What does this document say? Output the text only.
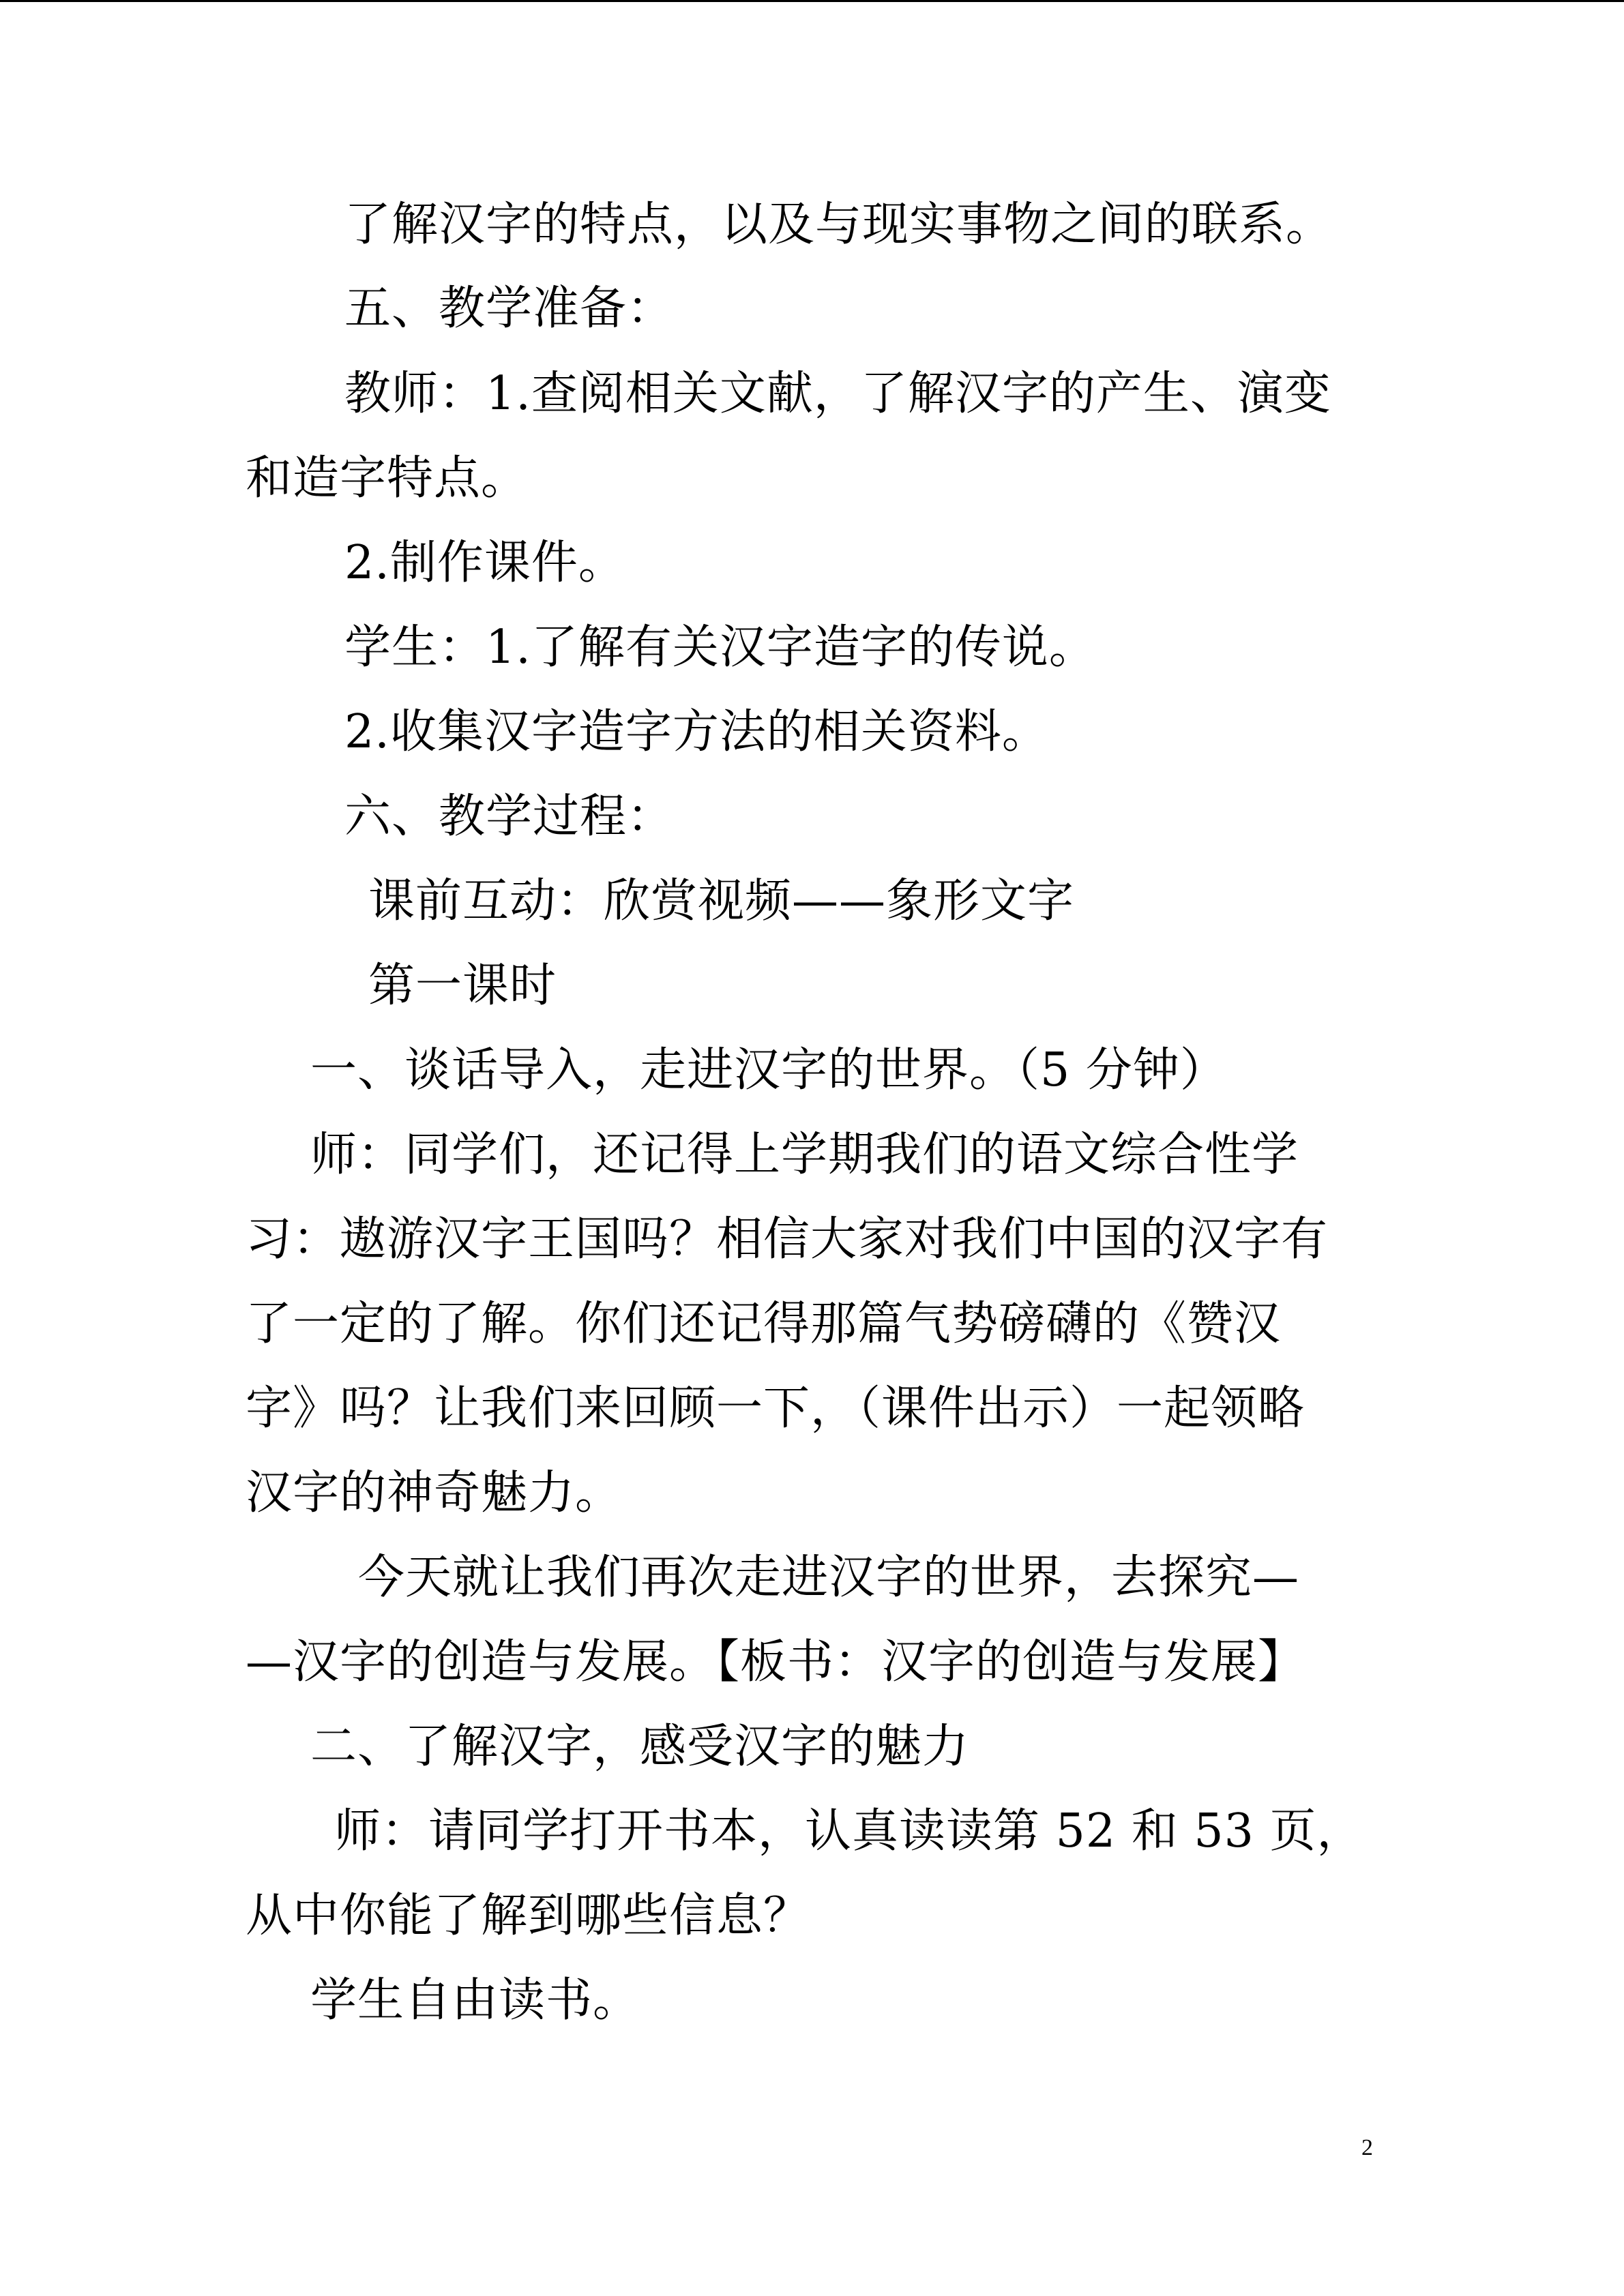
了解汉字的特点，以及与现实事物之间的联系。
五、教学准备：
教师：1.查阅相关文献，了解汉字的产生、演变
和造字特点。
2.制作课件。
学生：1.了解有关汉字造字的传说。
2.收集汉字造字方法的相关资料。
六、教学过程：
课前互动：欣赏视频——象形文字
第一课时
一、谈话导入，走进汉字的世界。（5 分钟）
师：同学们，还记得上学期我们的语文综合性学
习：遨游汉字王国吗？相信大家对我们中国的汉字有
了一定的了解。你们还记得那篇气势磅礴的《赞汉
字》吗？让我们来回顾一下，（课件出示）一起领略
汉字的神奇魅力。
今天就让我们再次走进汉字的世界，去探究—
—汉字的创造与发展。【板书：汉字的创造与发展】
二、了解汉字，感受汉字的魅力
师：请同学打开书本，认真读读第 52 和 53 页，
从中你能了解到哪些信息？
学生自由读书。
2
